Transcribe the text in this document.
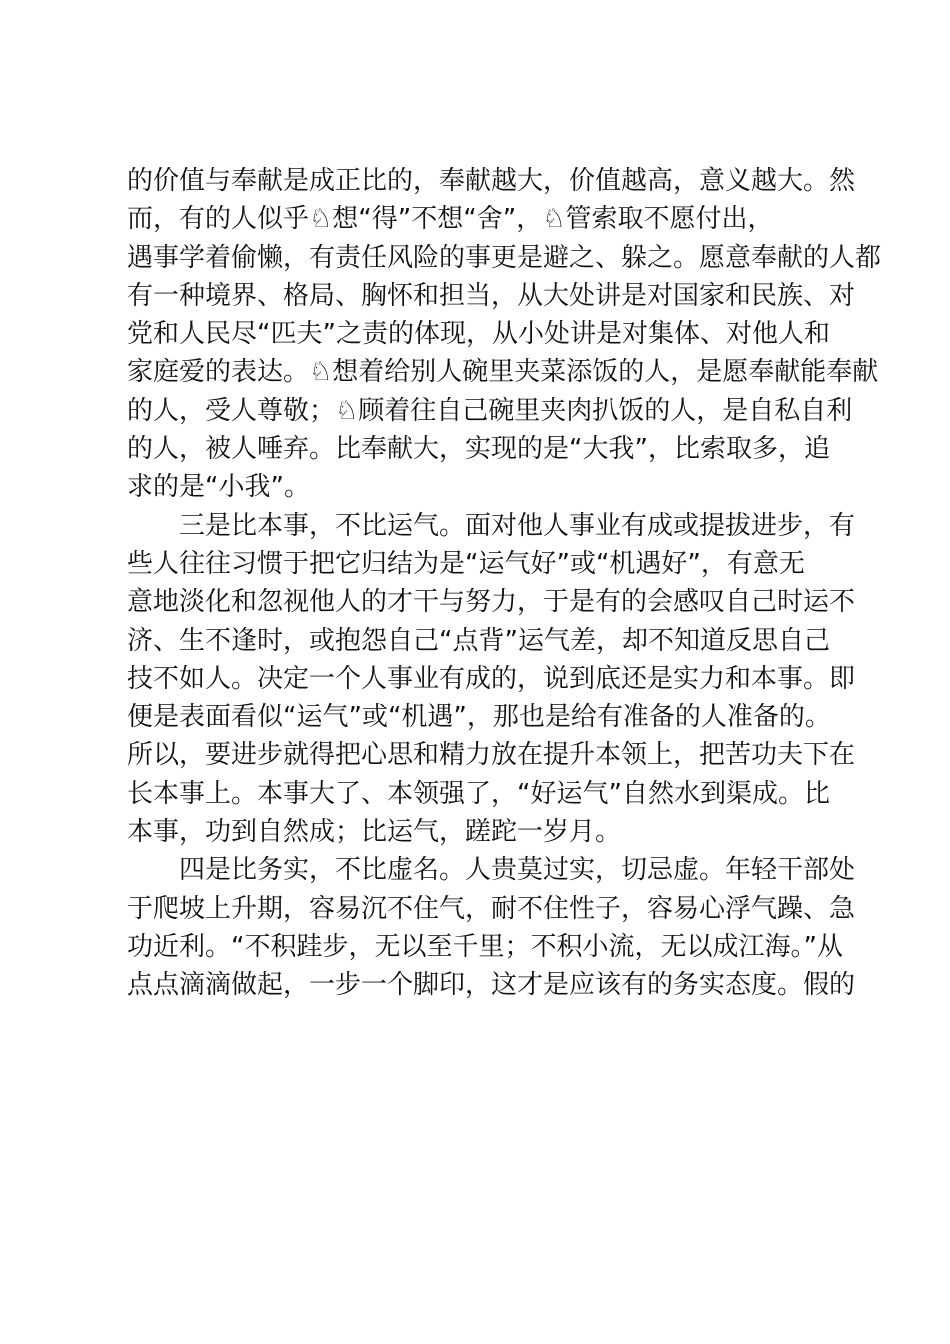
的价值与奉献是成正比的，奉献越大，价值越高，意义越大。然
而，有的人似乎♘想“得”不想“舍”，♘管索取不愿付出，
遇事学着偷懒，有责任风险的事更是避之、躲之。愿意奉献的人都
有一种境界、格局、胸怀和担当，从大处讲是对国家和民族、对
党和人民尽“匹夫”之责的体现，从小处讲是对集体、对他人和
家庭爱的表达。♘想着给别人碗里夹菜添饭的人，是愿奉献能奉献
的人，受人尊敬；♘顾着往自己碗里夹肉扒饭的人，是自私自利
的人，被人唾弃。比奉献大，实现的是“大我”，比索取多，追
求的是“小我”。
三是比本事，不比运气。面对他人事业有成或提拔进步，有
些人往往习惯于把它归结为是“运气好”或“机遇好”，有意无
意地淡化和忽视他人的才干与努力，于是有的会感叹自己时运不
济、生不逢时，或抱怨自己“点背”运气差，却不知道反思自己
技不如人。决定一个人事业有成的，说到底还是实力和本事。即
便是表面看似“运气”或“机遇”，那也是给有准备的人准备的。
所以，要进步就得把心思和精力放在提升本领上，把苦功夫下在
长本事上。本事大了、本领强了，“好运气”自然水到渠成。比
本事，功到自然成；比运气，蹉跎一岁月。
四是比务实，不比虚名。人贵莫过实，切忌虚。年轻干部处
于爬坡上升期，容易沉不住气，耐不住性子，容易心浮气躁、急
功近利。“不积跬步，无以至千里；不积小流，无以成江海。”从
点点滴滴做起，一步一个脚印，这才是应该有的务实态度。假的
